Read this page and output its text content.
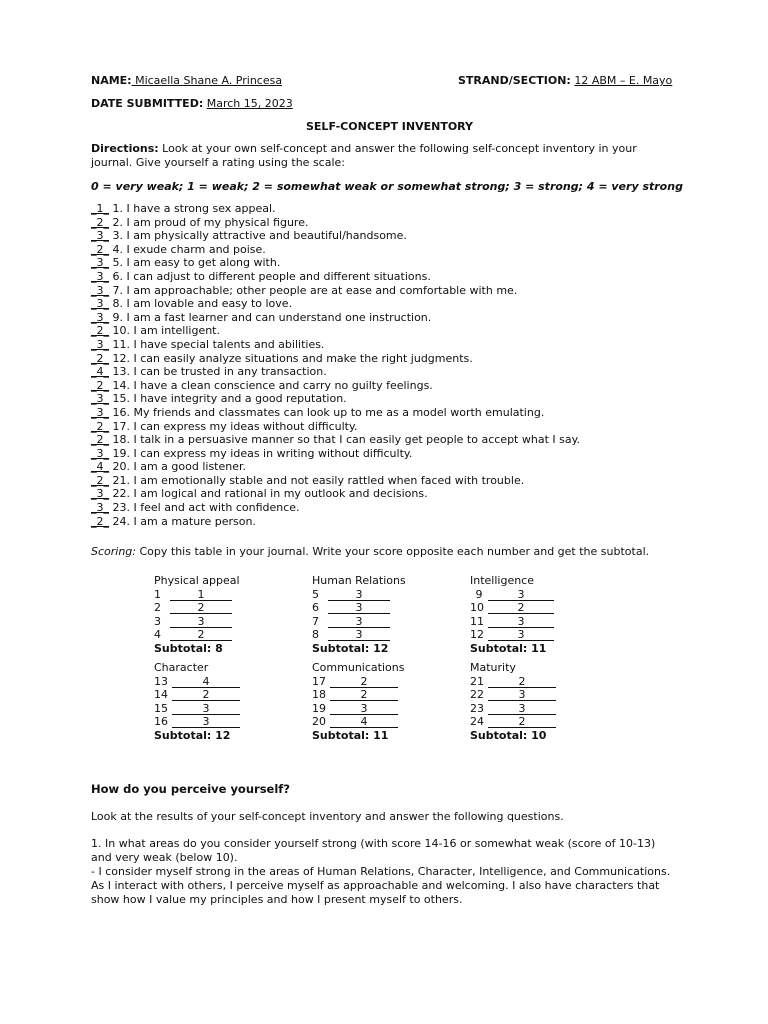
NAME: Micaella Shane A. Princesa	STRAND/SECTION: 12 ABM – E. Mayo
DATE SUBMITTED: March 15, 2023
SELF-CONCEPT INVENTORY
Directions: Look at your own self-concept and answer the following self-concept inventory in your
journal. Give yourself a rating using the scale:
0 = very weak; 1 = weak; 2 = somewhat weak or somewhat strong; 3 = strong; 4 = very strong
_1_ 1. I have a strong sex appeal.
_2_ 2. I am proud of my physical figure.
_3_ 3. I am physically attractive and beautiful/handsome.
_2_ 4. I exude charm and poise.
_3_ 5. I am easy to get along with.
_3_ 6. I can adjust to different people and different situations.
_3_ 7. I am approachable; other people are at ease and comfortable with me.
_3_ 8. I am lovable and easy to love.
_3_ 9. I am a fast learner and can understand one instruction.
_2_ 10. I am intelligent.
_3_ 11. I have special talents and abilities.
_2_ 12. I can easily analyze situations and make the right judgments.
_4_ 13. I can be trusted in any transaction.
_2_ 14. I have a clean conscience and carry no guilty feelings.
_3_ 15. I have integrity and a good reputation.
_3_ 16. My friends and classmates can look up to me as a model worth emulating.
_2_ 17. I can express my ideas without difficulty.
_2_ 18. I talk in a persuasive manner so that I can easily get people to accept what I say.
_3_ 19. I can express my ideas in writing without difficulty.
_4_ 20. I am a good listener.
_2_ 21. I am emotionally stable and not easily rattled when faced with trouble.
_3_ 22. I am logical and rational in my outlook and decisions.
_3_ 23. I feel and act with confidence.
_2_ 24. I am a mature person.
Scoring: Copy this table in your journal. Write your score opposite each number and get the subtotal.
Physical appeal
1	1
2	2
3	3
4	2
Subtotal: 8
Human Relations
5	3
6	3
7	3
8	3
Subtotal: 12
Intelligence
9	3
10	2
11	3
12	3
Subtotal: 11
Character
13	4
14	2
15	3
16	3
Subtotal: 12
Communications
17	2
18	2
19	3
20	4
Subtotal: 11
Maturity
21	2
22	3
23	3
24	2
Subtotal: 10
How do you perceive yourself?
Look at the results of your self-concept inventory and answer the following questions.
1. In what areas do you consider yourself strong (with score 14-16 or somewhat weak (score of 10-13)
and very weak (below 10).
- I consider myself strong in the areas of Human Relations, Character, Intelligence, and Communications.
As I interact with others, I perceive myself as approachable and welcoming. I also have characters that
show how I value my principles and how I present myself to others.
